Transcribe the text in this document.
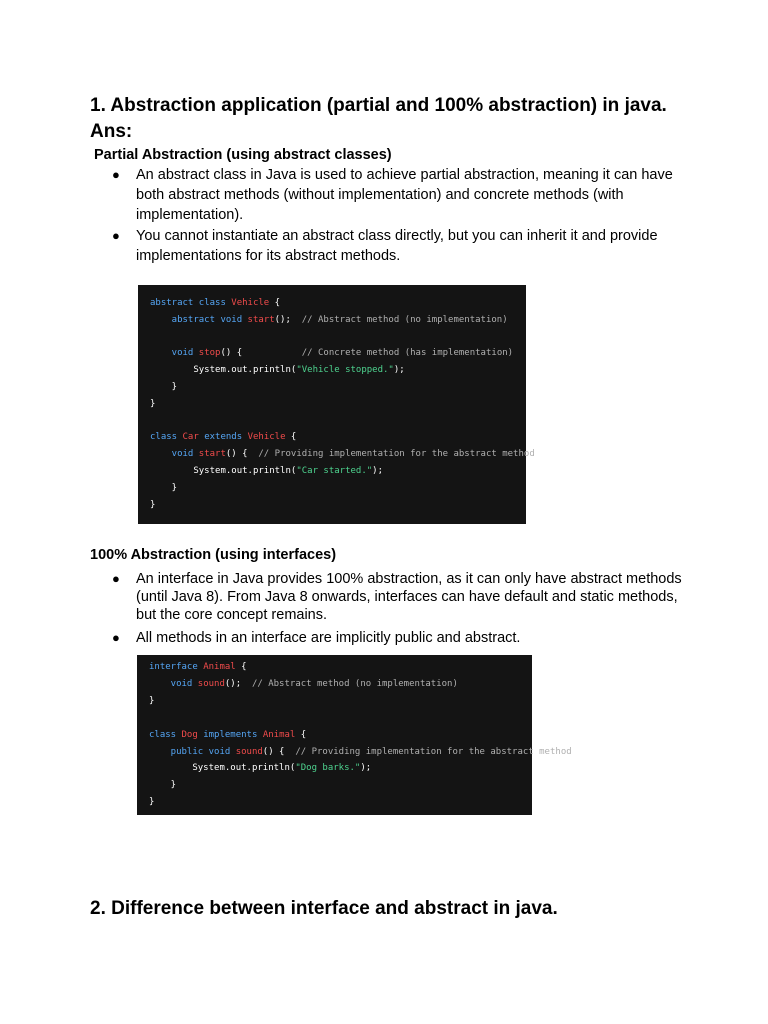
1. Abstraction application (partial and 100% abstraction) in java.
Ans:
Partial Abstraction (using abstract classes)
● An abstract class in Java is used to achieve partial abstraction, meaning it can have both abstract methods (without implementation) and concrete methods (with implementation).
● You cannot instantiate an abstract class directly, but you can inherit it and provide implementations for its abstract methods.
abstract class Vehicle {
abstract void start();  // Abstract method (no implementation)
void stop() {           // Concrete method (has implementation)
System.out.println("Vehicle stopped.");
}
}
class Car extends Vehicle {
void start() {  // Providing implementation for the abstract method
System.out.println("Car started.");
}
}
100% Abstraction (using interfaces)
● An interface in Java provides 100% abstraction, as it can only have abstract methods (until Java 8). From Java 8 onwards, interfaces can have default and static methods, but the core concept remains.
● All methods in an interface are implicitly public and abstract.
interface Animal {
void sound();  // Abstract method (no implementation)
}
class Dog implements Animal {
public void sound() {  // Providing implementation for the abstract method
System.out.println("Dog barks.");
}
}
2. Difference between interface and abstract in java.
